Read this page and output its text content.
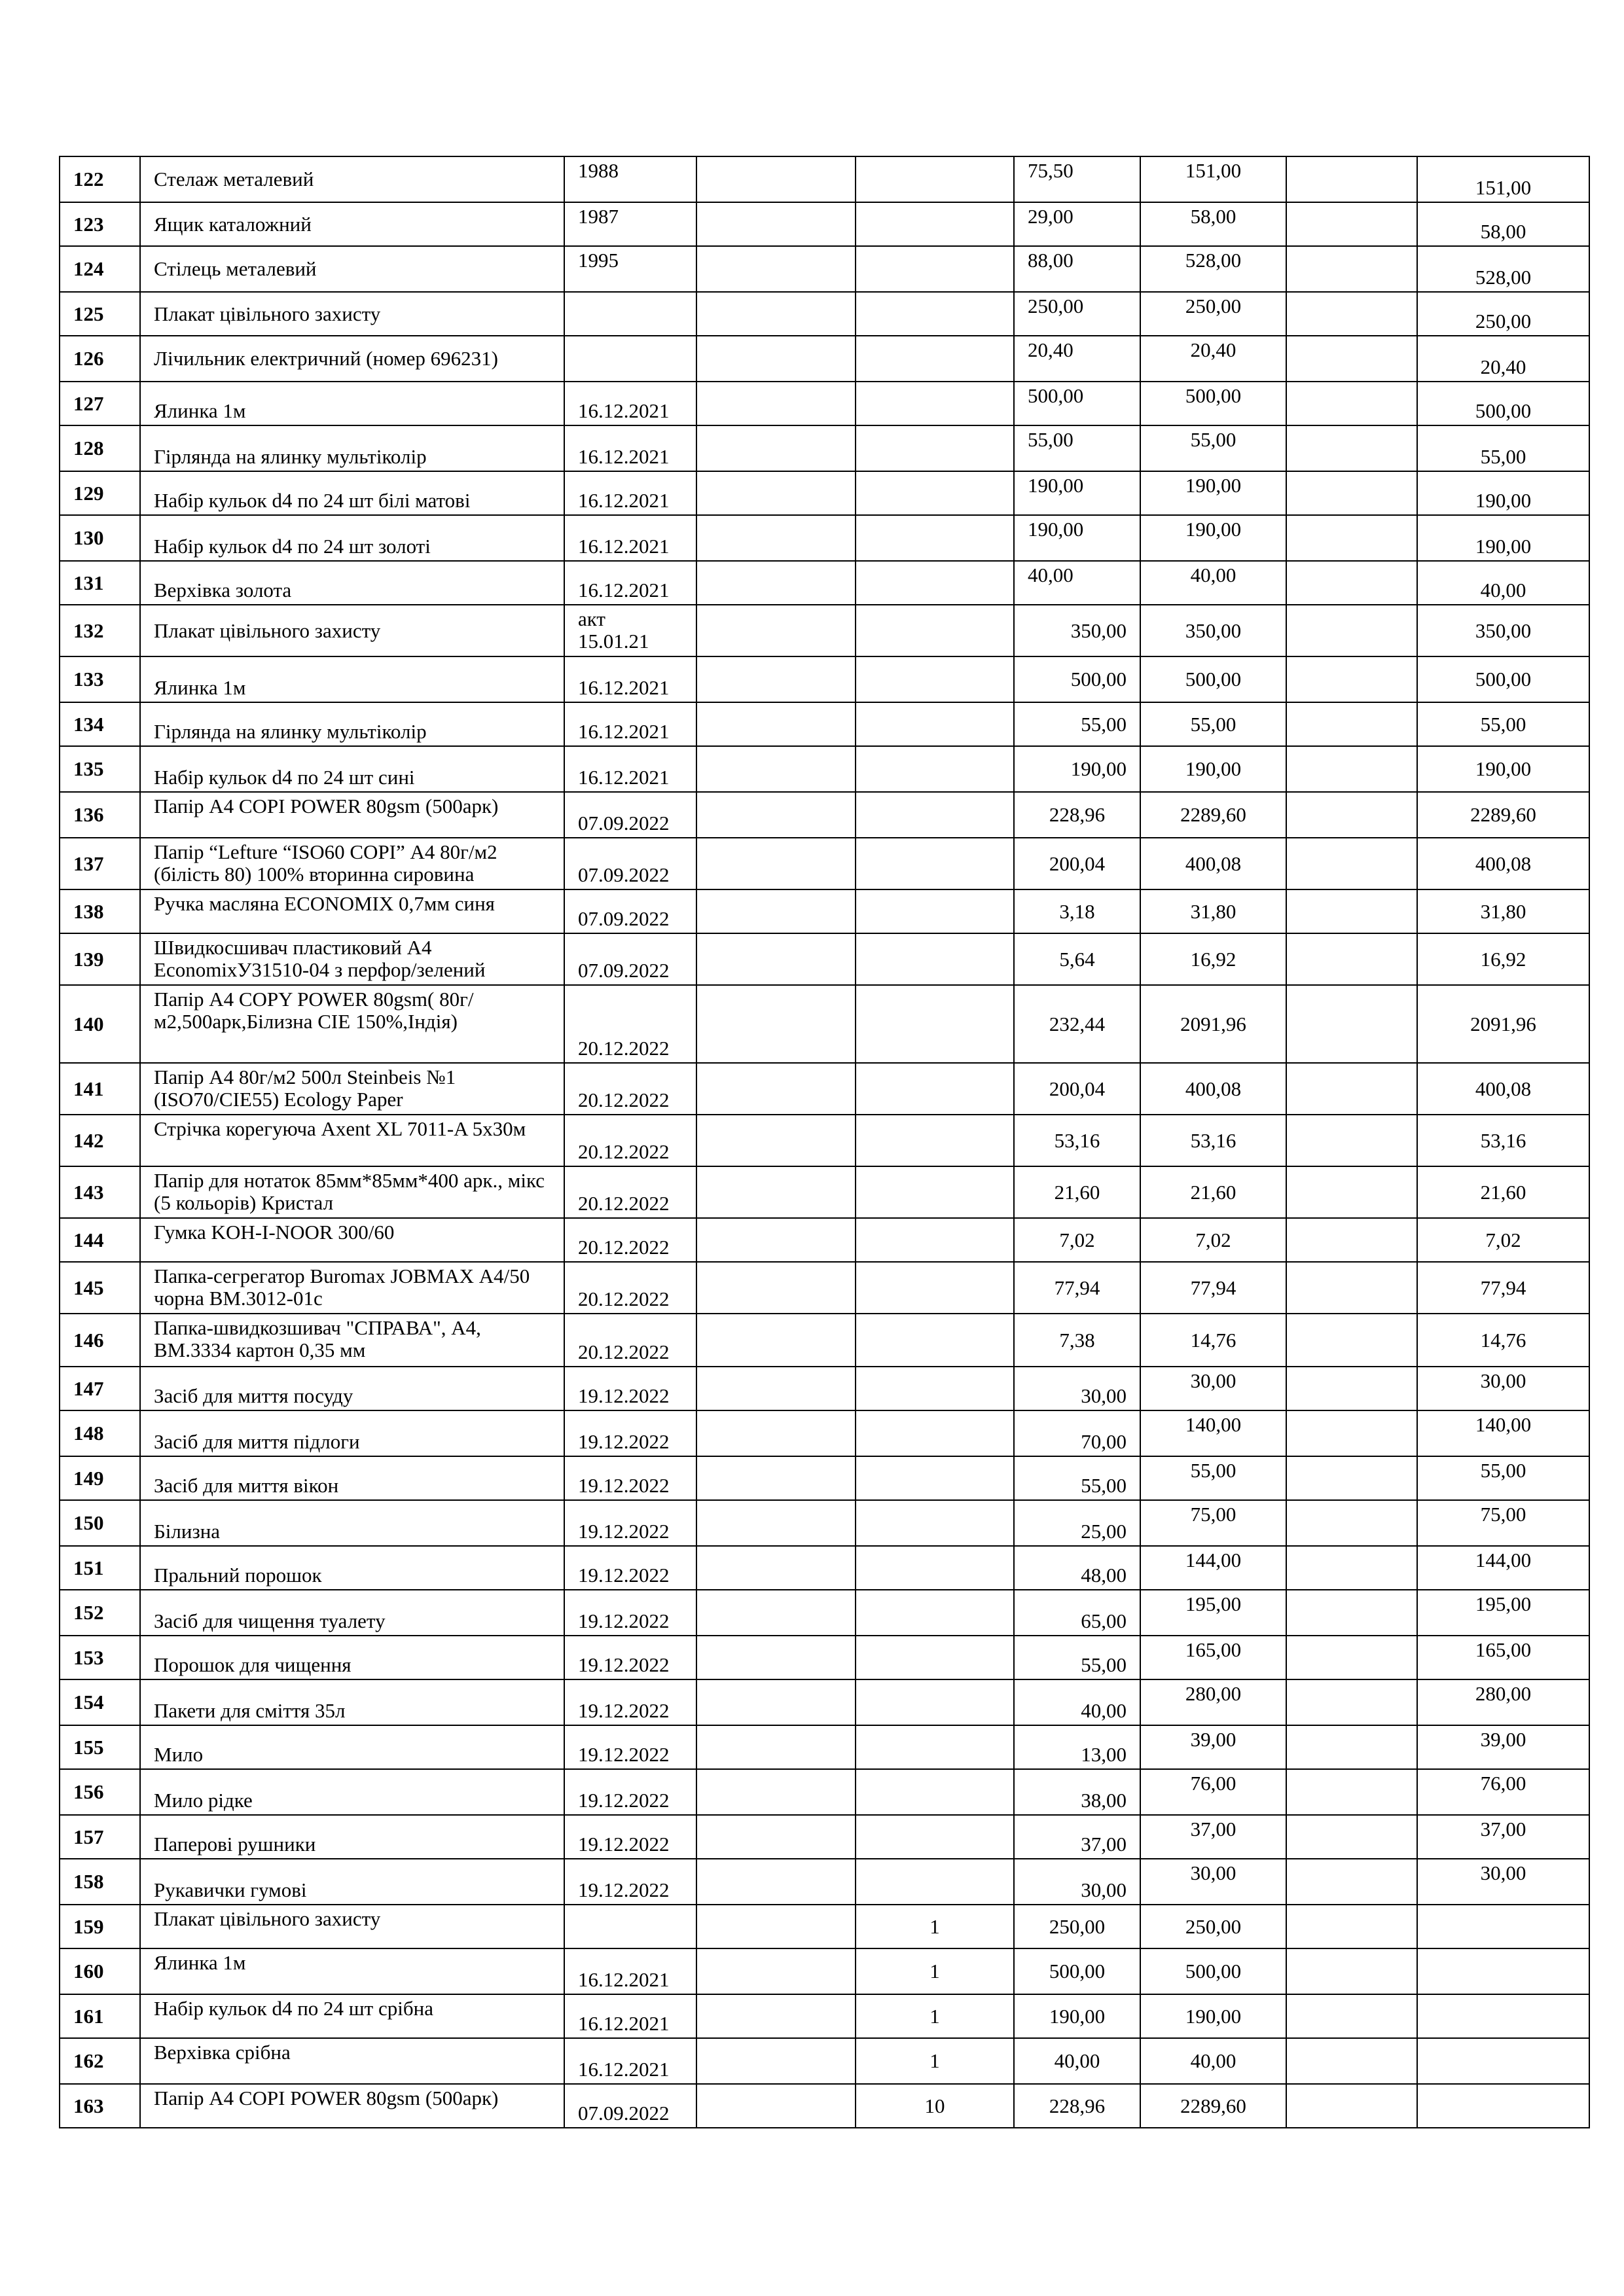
122	Стелаж металевий	1988			75,50	151,00		151,00
123	Ящик каталожний	1987			29,00	58,00		58,00
124	Стілець металевий	1995			88,00	528,00		528,00
125	Плакат цівільного захисту				250,00	250,00		250,00
126	Лічильник електричний (номер 696231)				20,40	20,40		20,40
127	Ялинка 1м	16.12.2021			500,00	500,00		500,00
128	Гірлянда на ялинку мультіколір	16.12.2021			55,00	55,00		55,00
129	Набір кульок d4 по 24 шт білі матові	16.12.2021			190,00	190,00		190,00
130	Набір кульок d4 по 24 шт золоті	16.12.2021			190,00	190,00		190,00
131	Верхівка золота	16.12.2021			40,00	40,00		40,00
132	Плакат цівільного захисту	акт
15.01.21			350,00	350,00		350,00
133	Ялинка 1м	16.12.2021			500,00	500,00		500,00
134	Гірлянда на ялинку мультіколір	16.12.2021			55,00	55,00		55,00
135	Набір кульок d4 по 24 шт сині	16.12.2021			190,00	190,00		190,00
136	Папір А4 COPI POWER 80gsm (500арк)	07.09.2022			228,96	2289,60		2289,60
137	Папір “Lefture “ISO60 COPI” А4 80г/м2 (білість 80) 100% вторинна сировина	07.09.2022			200,04	400,08		400,08
138	Ручка масляна ECONOMIX 0,7мм синя	07.09.2022			3,18	31,80		31,80
139	Швидкосшивач пластиковий А4 EconomixУ31510-04 з перфор/зелений	07.09.2022			5,64	16,92		16,92
140	Папір А4 COPY POWER 80gsm( 80г/м2,500арк,Білизна CIE 150%,Індія)	20.12.2022			232,44	2091,96		2091,96
141	Папір А4 80г/м2 500л Steinbeis №1 (ISO70/CIE55) Ecology Paper	20.12.2022			200,04	400,08		400,08
142	Стрічка корегуюча Axent XL 7011-A 5x30м	20.12.2022			53,16	53,16		53,16
143	Папір для нотаток 85мм*85мм*400 арк., мікс (5 кольорів) Кристал	20.12.2022			21,60	21,60		21,60
144	Гумка KOH-I-NOOR 300/60	20.12.2022			7,02	7,02		7,02
145	Папка-сегрегатор Buromax JOBMAX А4/50 чорна BM.3012-01c	20.12.2022			77,94	77,94		77,94
146	Папка-швидкозшивач "СПРАВА", А4, ВМ.3334 картон 0,35 мм	20.12.2022			7,38	14,76		14,76
147	Засіб для миття посуду	19.12.2022			30,00	30,00		30,00
148	Засіб для миття підлоги	19.12.2022			70,00	140,00		140,00
149	Засіб для миття вікон	19.12.2022			55,00	55,00		55,00
150	Білизна	19.12.2022			25,00	75,00		75,00
151	Пральний порошок	19.12.2022			48,00	144,00		144,00
152	Засіб для чищення туалету	19.12.2022			65,00	195,00		195,00
153	Порошок для чищення	19.12.2022			55,00	165,00		165,00
154	Пакети для сміття 35л	19.12.2022			40,00	280,00		280,00
155	Мило	19.12.2022			13,00	39,00		39,00
156	Мило рідке	19.12.2022			38,00	76,00		76,00
157	Паперові рушники	19.12.2022			37,00	37,00		37,00
158	Рукавички гумові	19.12.2022			30,00	30,00		30,00
159	Плакат цівільного захисту			1	250,00	250,00		
160	Ялинка 1м	16.12.2021		1	500,00	500,00		
161	Набір кульок d4 по 24 шт срібна	16.12.2021		1	190,00	190,00		
162	Верхівка срібна	16.12.2021		1	40,00	40,00		
163	Папір А4 COPI POWER 80gsm (500арк)	07.09.2022		10	228,96	2289,60		
